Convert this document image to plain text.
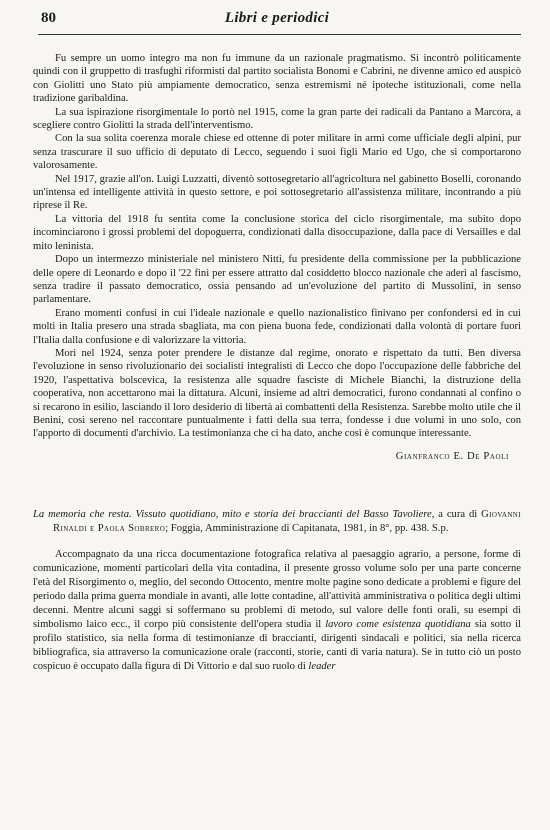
80	Libri e periodici

Fu sempre un uomo integro ma non fu immune da un razionale pragmatismo. Si incontrò politicamente quindi con il gruppetto di trasfughi riformisti dal partito socialista Bonomi e Cabrini, ne divenne amico ed auspicò con Giolitti uno Stato più ampiamente democratico, senza estremismi né ipoteche istituzionali, come nella tradizione garibaldina.

La sua ispirazione risorgimentale lo portò nel 1915, come la gran parte dei radicali da Pantano a Marcora, a scegliere contro Giolitti la strada dell'interventismo.

Con la sua solita coerenza morale chiese ed ottenne di poter militare in armi come ufficiale degli alpini, pur senza trascurare il suo ufficio di deputato di Lecco, seguendo i suoi figli Mario ed Ugo, che si comportarono valorosamente.

Nel 1917, grazie all'on. Luigi Luzzatti, diventò sottosegretario all'agricoltura nel gabinetto Boselli, coronando un'intensa ed intelligente attività in questo settore, e poi sottosegretario all'assistenza militare, incontrando a più riprese il Re.

La vittoria del 1918 fu sentita come la conclusione storica del ciclo risorgimentale, ma subito dopo incominciarono i grossi problemi del dopoguerra, condizionati dalla disoccupazione, dalla pace di Versailles e dal mito leninista.

Dopo un intermezzo ministeriale nel ministero Nitti, fu presidente della commissione per la pubblicazione delle opere di Leonardo e dopo il '22 finì per essere attratto dal cosiddetto blocco nazionale che aderì al fascismo, senza tradire il passato democratico, ossia pensando ad un'evoluzione del partito di Mussolini, in senso parlamentare.

Erano momenti confusi in cui l'ideale nazionale e quello nazionalistico finivano per confondersi ed in cui molti in Italia presero una strada sbagliata, ma con piena buona fede, condizionati dalla volontà di portare fuori l'Italia dalla confusione e di valorizzare la vittoria.

Morì nel 1924, senza poter prendere le distanze dal regime, onorato e rispettato da tutti. Ben diversa l'evoluzione in senso rivoluzionario dei socialisti integralisti di Lecco che dopo l'occupazione delle fabbriche del 1920, l'aspettativa bolscevica, la resistenza alle squadre fasciste di Michele Bianchi, la distruzione della cooperativa, non accettarono mai la dittatura. Alcuni, insieme ad altri democratici, furono condannati al confino o si recarono in esilio, lasciando il loro desiderio di libertà ai combattenti della Resistenza. Sarebbe molto utile che il Benini, così sereno nel raccontare puntualmente i fatti della sua terra, fondesse i due volumi in uno solo, con l'apporto di documenti d'archivio. La testimonianza che ci ha dato, anche così è comunque interessante.

Gianfranco E. De Paoli
La memoria che resta. Vissuto quotidiano, mito e storia dei braccianti del Basso Tavoliere, a cura di Giovanni Rinaldi e Paola Sobrero; Foggia, Amministrazione di Capitanata, 1981, in 8°, pp. 438. S.p.

Accompagnato da una ricca documentazione fotografica relativa al paesaggio agrario, a persone, forme di comunicazione, momenti particolari della vita contadina, il presente grosso volume solo per una parte concerne l'età del Risorgimento o, meglio, del secondo Ottocento, mentre molte pagine sono dedicate a problemi e figure del periodo dalla prima guerra mondiale in avanti, alle lotte contadine, all'attività amministrativa o politica degli ultimi decenni. Mentre alcuni saggi si soffermano su problemi di metodo, sul valore delle fonti orali, su esempi di simbolismo laico ecc., il corpo più consistente dell'opera studia il lavoro come esistenza quotidiana sia sotto il profilo statistico, sia nella forma di testimonianze di braccianti, dirigenti sindacali e politici, sia nella ricerca bibliografica, sia attraverso la comunicazione orale (racconti, storie, canti di varia natura). Se in tutto ciò un posto cospicuo è occupato dalla figura di Di Vittorio e dal suo ruolo di leader
